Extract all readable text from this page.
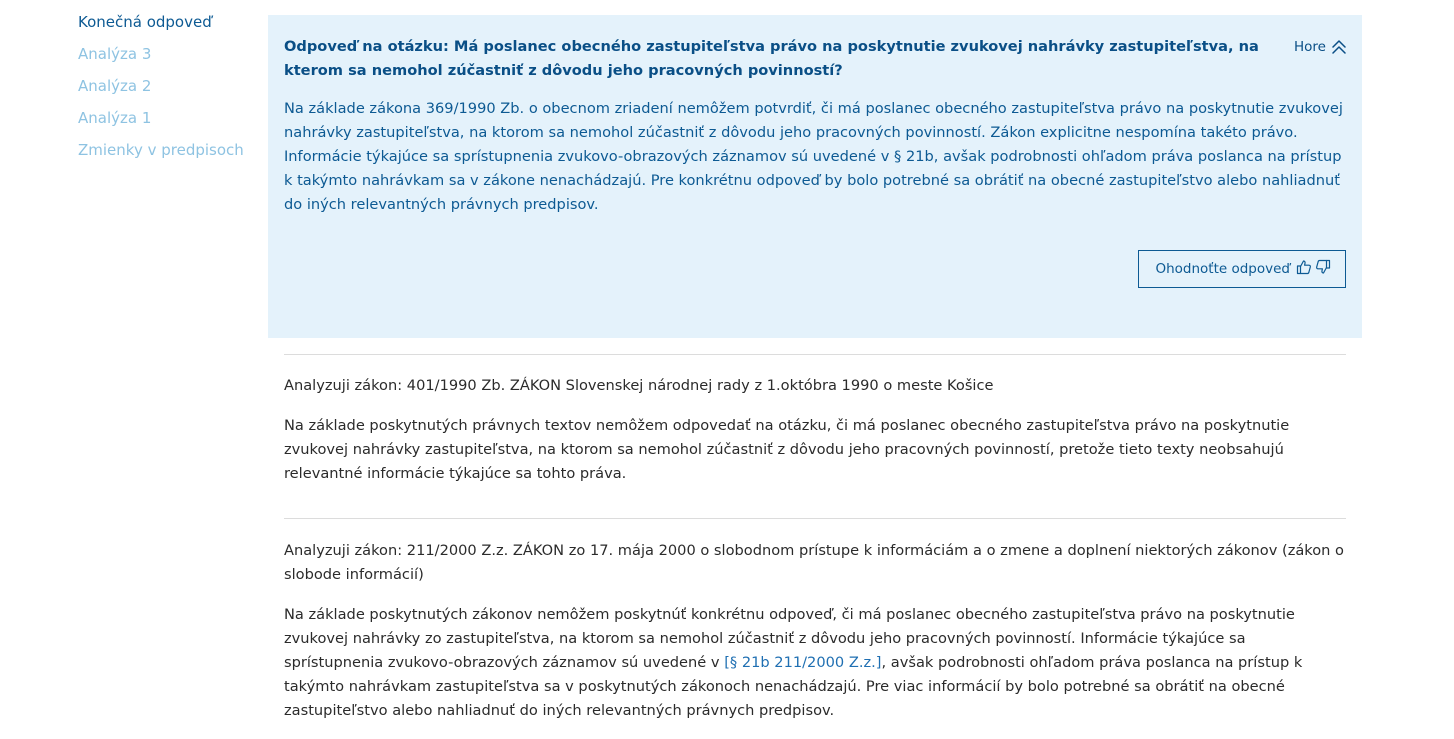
Konečná odpoveď
Analýza 3
Analýza 2
Analýza 1
Zmienky v predpisoch
Odpoveď na otázku: Má poslanec obecného zastupiteľstva právo na poskytnutie zvukovej nahrávky zastupiteľstva, na kterom sa nemohol zúčastniť z dôvodu jeho pracovných povinností?
Hore
Na základe zákona 369/1990 Zb. o obecnom zriadení nemôžem potvrdiť, či má poslanec obecného zastupiteľstva právo na poskytnutie zvukovej nahrávky zastupiteľstva, na ktorom sa nemohol zúčastniť z dôvodu jeho pracovných povinností. Zákon explicitne nespomína takéto právo. Informácie týkajúce sa sprístupnenia zvukovo-obrazových záznamov sú uvedené v § 21b, avšak podrobnosti ohľadom práva poslanca na prístup k takýmto nahrávkam sa v zákone nenachádzajú. Pre konkrétnu odpoveď by bolo potrebné sa obrátiť na obecné zastupiteľstvo alebo nahliadnuť do iných relevantných právnych predpisov.
Ohodnoťte odpoveď

Analyzuji zákon: 401/1990 Zb. ZÁKON Slovenskej národnej rady z 1.októbra 1990 o meste Košice

Na základe poskytnutých právnych textov nemôžem odpovedať na otázku, či má poslanec obecného zastupiteľstva právo na poskytnutie zvukovej nahrávky zastupiteľstva, na ktorom sa nemohol zúčastniť z dôvodu jeho pracovných povinností, pretože tieto texty neobsahujú relevantné informácie týkajúce sa tohto práva.

Analyzuji zákon: 211/2000 Z.z. ZÁKON zo 17. mája 2000 o slobodnom prístupe k informáciám a o zmene a doplnení niektorých zákonov (zákon o slobode informácií)

Na základe poskytnutých zákonov nemôžem poskytnúť konkrétnu odpoveď, či má poslanec obecného zastupiteľstva právo na poskytnutie zvukovej nahrávky zo zastupiteľstva, na ktorom sa nemohol zúčastniť z dôvodu jeho pracovných povinností. Informácie týkajúce sa sprístupnenia zvukovo-obrazových záznamov sú uvedené v [§ 21b 211/2000 Z.z.], avšak podrobnosti ohľadom práva poslanca na prístup k takýmto nahrávkam zastupiteľstva sa v poskytnutých zákonoch nenachádzajú. Pre viac informácií by bolo potrebné sa obrátiť na obecné zastupiteľstvo alebo nahliadnuť do iných relevantných právnych predpisov.
